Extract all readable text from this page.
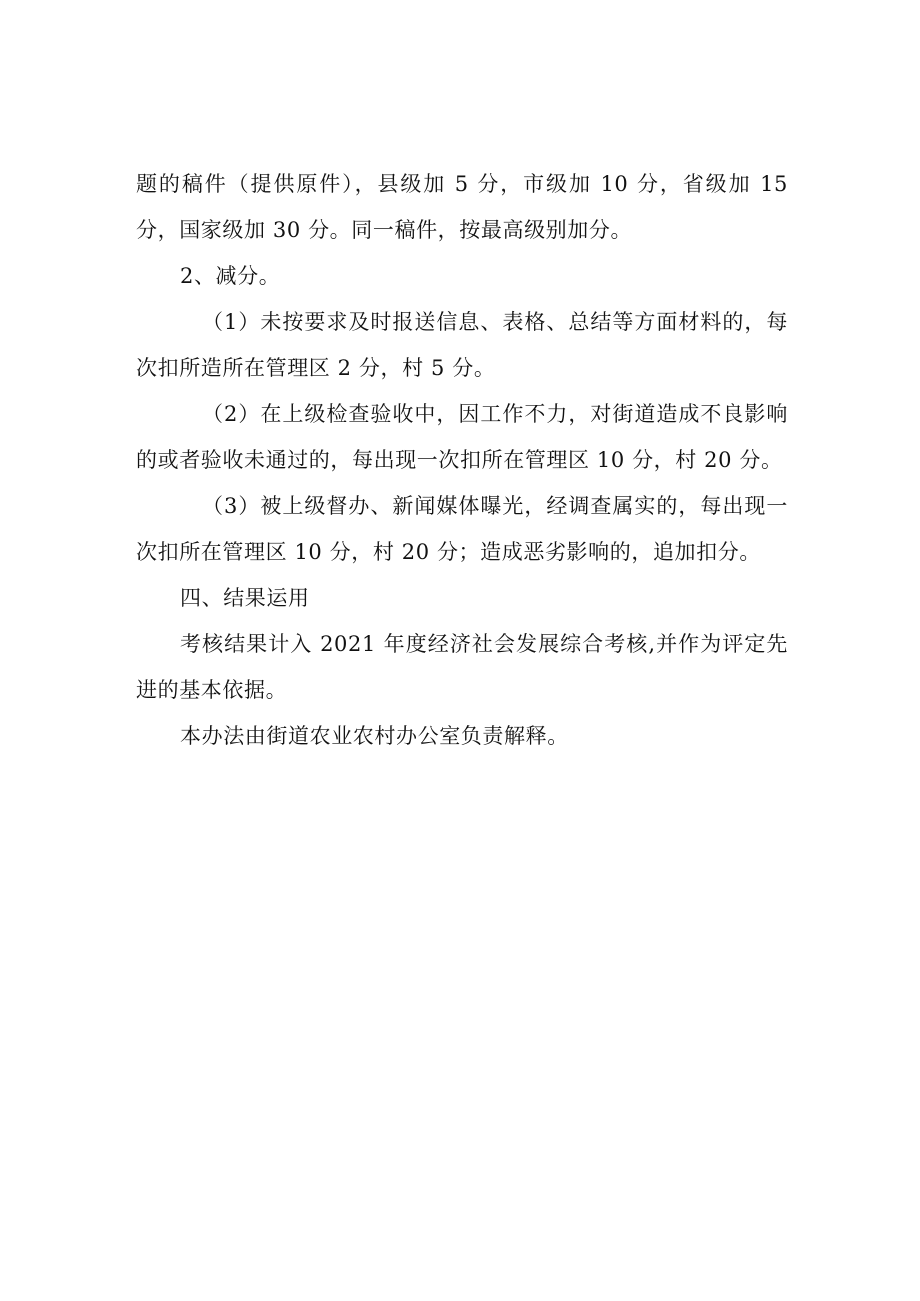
题的稿件（提供原件），县级加 5 分，市级加 10 分，省级加 15 分，国家级加 30 分。同一稿件，按最高级别加分。

2、减分。

（1）未按要求及时报送信息、表格、总结等方面材料的，每次扣所造所在管理区 2 分，村 5 分。

（2）在上级检查验收中，因工作不力，对街道造成不良影响的或者验收未通过的，每出现一次扣所在管理区 10 分，村 20 分。

（3）被上级督办、新闻媒体曝光，经调查属实的，每出现一次扣所在管理区 10 分，村 20 分；造成恶劣影响的，追加扣分。

四、结果运用

考核结果计入 2021 年度经济社会发展综合考核,并作为评定先进的基本依据。

本办法由街道农业农村办公室负责解释。
